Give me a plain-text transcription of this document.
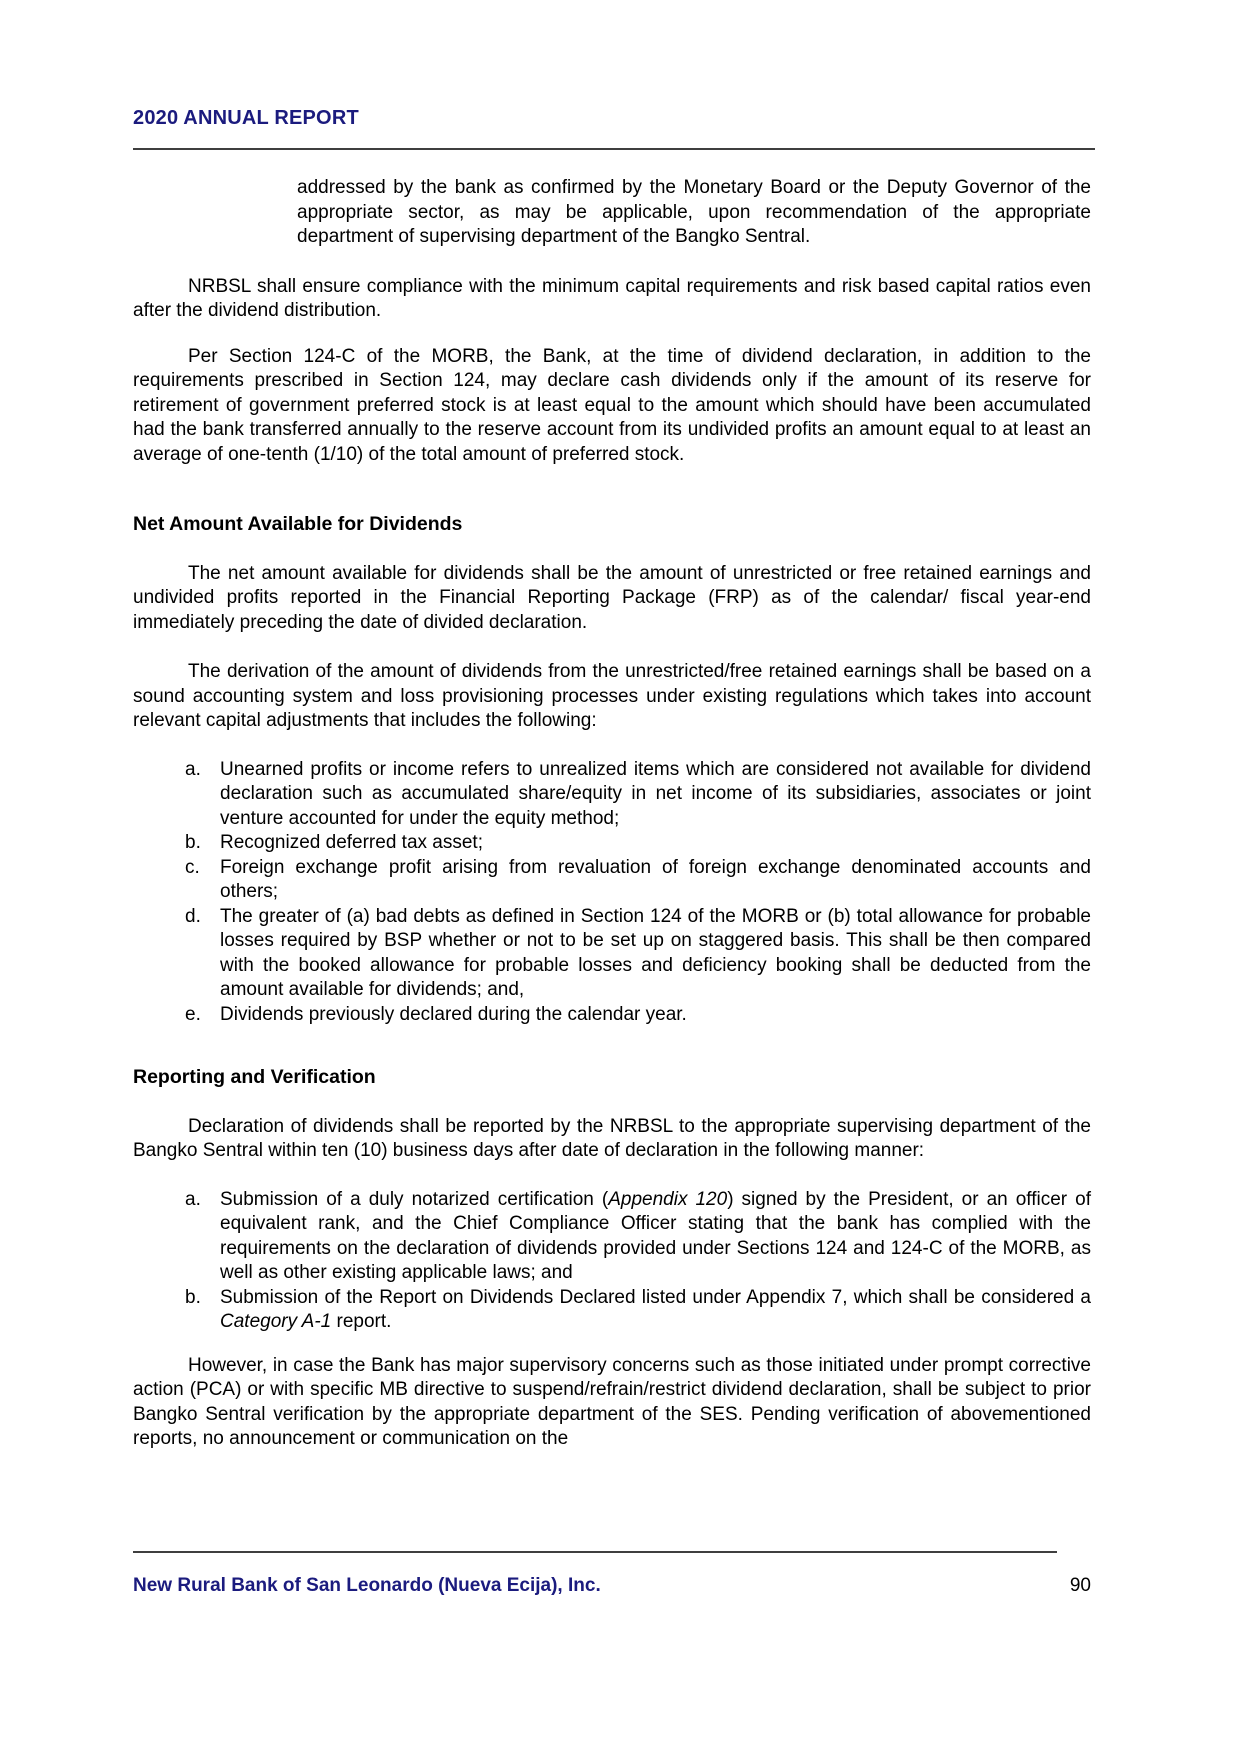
2020 ANNUAL REPORT

addressed by the bank as confirmed by the Monetary Board or the Deputy Governor of the appropriate sector, as may be applicable, upon recommendation of the appropriate department of supervising department of the Bangko Sentral.

NRBSL shall ensure compliance with the minimum capital requirements and risk based capital ratios even after the dividend distribution.

Per Section 124-C of the MORB, the Bank, at the time of dividend declaration, in addition to the requirements prescribed in Section 124, may declare cash dividends only if the amount of its reserve for retirement of government preferred stock is at least equal to the amount which should have been accumulated had the bank transferred annually to the reserve account from its undivided profits an amount equal to at least an average of one-tenth (1/10) of the total amount of preferred stock.

Net Amount Available for Dividends

The net amount available for dividends shall be the amount of unrestricted or free retained earnings and undivided profits reported in the Financial Reporting Package (FRP) as of the calendar/ fiscal year-end immediately preceding the date of divided declaration.

The derivation of the amount of dividends from the unrestricted/free retained earnings shall be based on a sound accounting system and loss provisioning processes under existing regulations which takes into account relevant capital adjustments that includes the following:

a.	Unearned profits or income refers to unrealized items which are considered not available for dividend declaration such as accumulated share/equity in net income of its subsidiaries, associates or joint venture accounted for under the equity method;
b.	Recognized deferred tax asset;
c.	Foreign exchange profit arising from revaluation of foreign exchange denominated accounts and others;
d.	The greater of (a) bad debts as defined in Section 124 of the MORB or (b) total allowance for probable losses required by BSP whether or not to be set up on staggered basis. This shall be then compared with the booked allowance for probable losses and deficiency booking shall be deducted from the amount available for dividends; and,
e.	Dividends previously declared during the calendar year.
Reporting and Verification

Declaration of dividends shall be reported by the NRBSL to the appropriate supervising department of the Bangko Sentral within ten (10) business days after date of declaration in the following manner:

a.	Submission of a duly notarized certification (Appendix 120) signed by the President, or an officer of equivalent rank, and the Chief Compliance Officer stating that the bank has complied with the requirements on the declaration of dividends provided under Sections 124 and 124-C of the MORB, as well as other existing applicable laws; and
b.	Submission of the Report on Dividends Declared listed under Appendix 7, which shall be considered a Category A-1 report.

However, in case the Bank has major supervisory concerns such as those initiated under prompt corrective action (PCA) or with specific MB directive to suspend/refrain/restrict dividend declaration, shall be subject to prior Bangko Sentral verification by the appropriate department of the SES. Pending verification of abovementioned reports, no announcement or communication on the

New Rural Bank of San Leonardo (Nueva Ecija), Inc.	90
